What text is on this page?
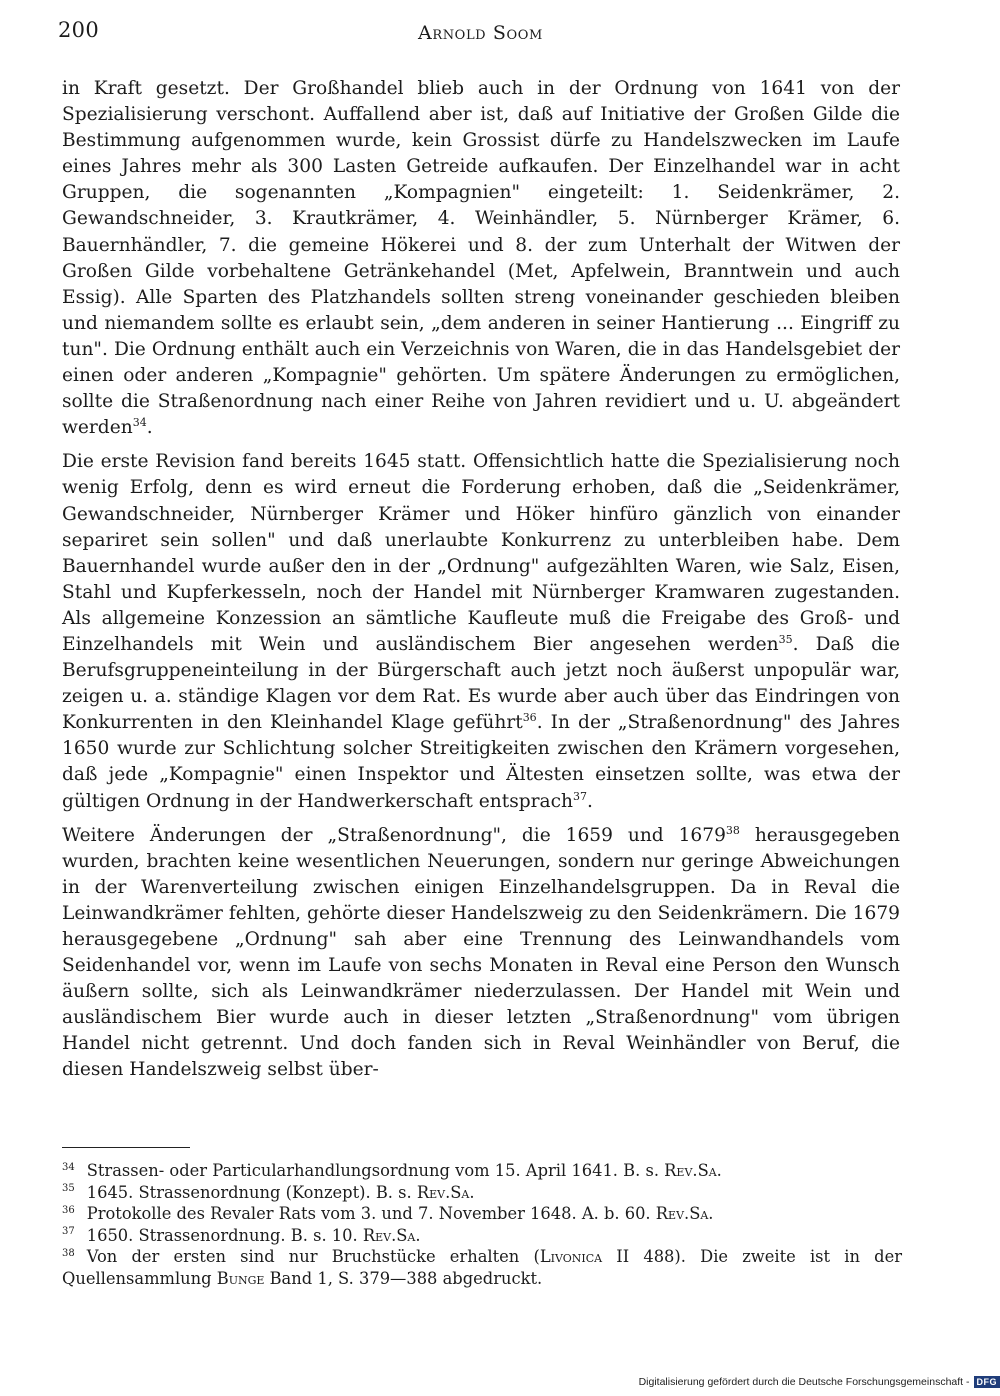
200	Arnold Soom

in Kraft gesetzt. Der Großhandel blieb auch in der Ordnung von 1641 von der Spezialisierung verschont. Auffallend aber ist, daß auf Initiative der Großen Gilde die Bestimmung aufgenommen wurde, kein Grossist dürfe zu Handelszwecken im Laufe eines Jahres mehr als 300 Lasten Getreide aufkaufen. Der Einzelhandel war in acht Gruppen, die sogenannten „Kompagnien" eingeteilt: 1. Seidenkrämer, 2. Gewandschneider, 3. Krautkrämer, 4. Weinhändler, 5. Nürnberger Krämer, 6. Bauernhändler, 7. die gemeine Hökerei und 8. der zum Unterhalt der Witwen der Großen Gilde vorbehaltene Getränkehandel (Met, Apfelwein, Branntwein und auch Essig). Alle Sparten des Platzhandels sollten streng voneinander geschieden bleiben und niemandem sollte es erlaubt sein, „dem anderen in seiner Hantierung ... Eingriff zu tun". Die Ordnung enthält auch ein Verzeichnis von Waren, die in das Handelsgebiet der einen oder anderen „Kompagnie" gehörten. Um spätere Änderungen zu ermöglichen, sollte die Straßenordnung nach einer Reihe von Jahren revidiert und u. U. abgeändert werden$^{34}$.

Die erste Revision fand bereits 1645 statt. Offensichtlich hatte die Spezialisierung noch wenig Erfolg, denn es wird erneut die Forderung erhoben, daß die „Seidenkrämer, Gewandschneider, Nürnberger Krämer und Höker hinfüro gänzlich von einander separiret sein sollen" und daß unerlaubte Konkurrenz zu unterbleiben habe. Dem Bauernhandel wurde außer den in der „Ordnung" aufgezählten Waren, wie Salz, Eisen, Stahl und Kupferkesseln, noch der Handel mit Nürnberger Kramwaren zugestanden. Als allgemeine Konzession an sämtliche Kaufleute muß die Freigabe des Groß- und Einzelhandels mit Wein und ausländischem Bier angesehen werden$^{35}$. Daß die Berufsgruppeneinteilung in der Bürgerschaft auch jetzt noch äußerst unpopulär war, zeigen u. a. ständige Klagen vor dem Rat. Es wurde aber auch über das Eindringen von Konkurrenten in den Kleinhandel Klage geführt$^{36}$. In der „Straßenordnung" des Jahres 1650 wurde zur Schlichtung solcher Streitigkeiten zwischen den Krämern vorgesehen, daß jede „Kompagnie" einen Inspektor und Ältesten einsetzen sollte, was etwa der gültigen Ordnung in der Handwerkerschaft entsprach$^{37}$.

Weitere Änderungen der „Straßenordnung", die 1659 und 1679$^{38}$ herausgegeben wurden, brachten keine wesentlichen Neuerungen, sondern nur geringe Abweichungen in der Warenverteilung zwischen einigen Einzelhandelsgruppen. Da in Reval die Leinwandkrämer fehlten, gehörte dieser Handelszweig zu den Seidenkrämern. Die 1679 herausgegebene „Ordnung" sah aber eine Trennung des Leinwandhandels vom Seidenhandel vor, wenn im Laufe von sechs Monaten in Reval eine Person den Wunsch äußern sollte, sich als Leinwandkrämer niederzulassen. Der Handel mit Wein und ausländischem Bier wurde auch in dieser letzten „Straßenordnung" vom übrigen Handel nicht getrennt. Und doch fanden sich in Reval Weinhändler von Beruf, die diesen Handelszweig selbst über-

$^{34}$ Strassen- oder Particularhandlungsordnung vom 15. April 1641. B. s. Rev.Sa.

$^{35}$ 1645. Strassenordnung (Konzept). B. s. Rev.Sa.

$^{36}$ Protokolle des Revaler Rats vom 3. und 7. November 1648. A. b. 60. Rev.Sa.

$^{37}$ 1650. Strassenordnung. B. s. 10. Rev.Sa.

$^{38}$ Von der ersten sind nur Bruchstücke erhalten (Livonica II 488). Die zweite ist in der Quellensammlung Bunge Band 1, S. 379—388 abgedruckt.

Digitalisierung gefördert durch die Deutsche Forschungsgemeinschaft - DFG
